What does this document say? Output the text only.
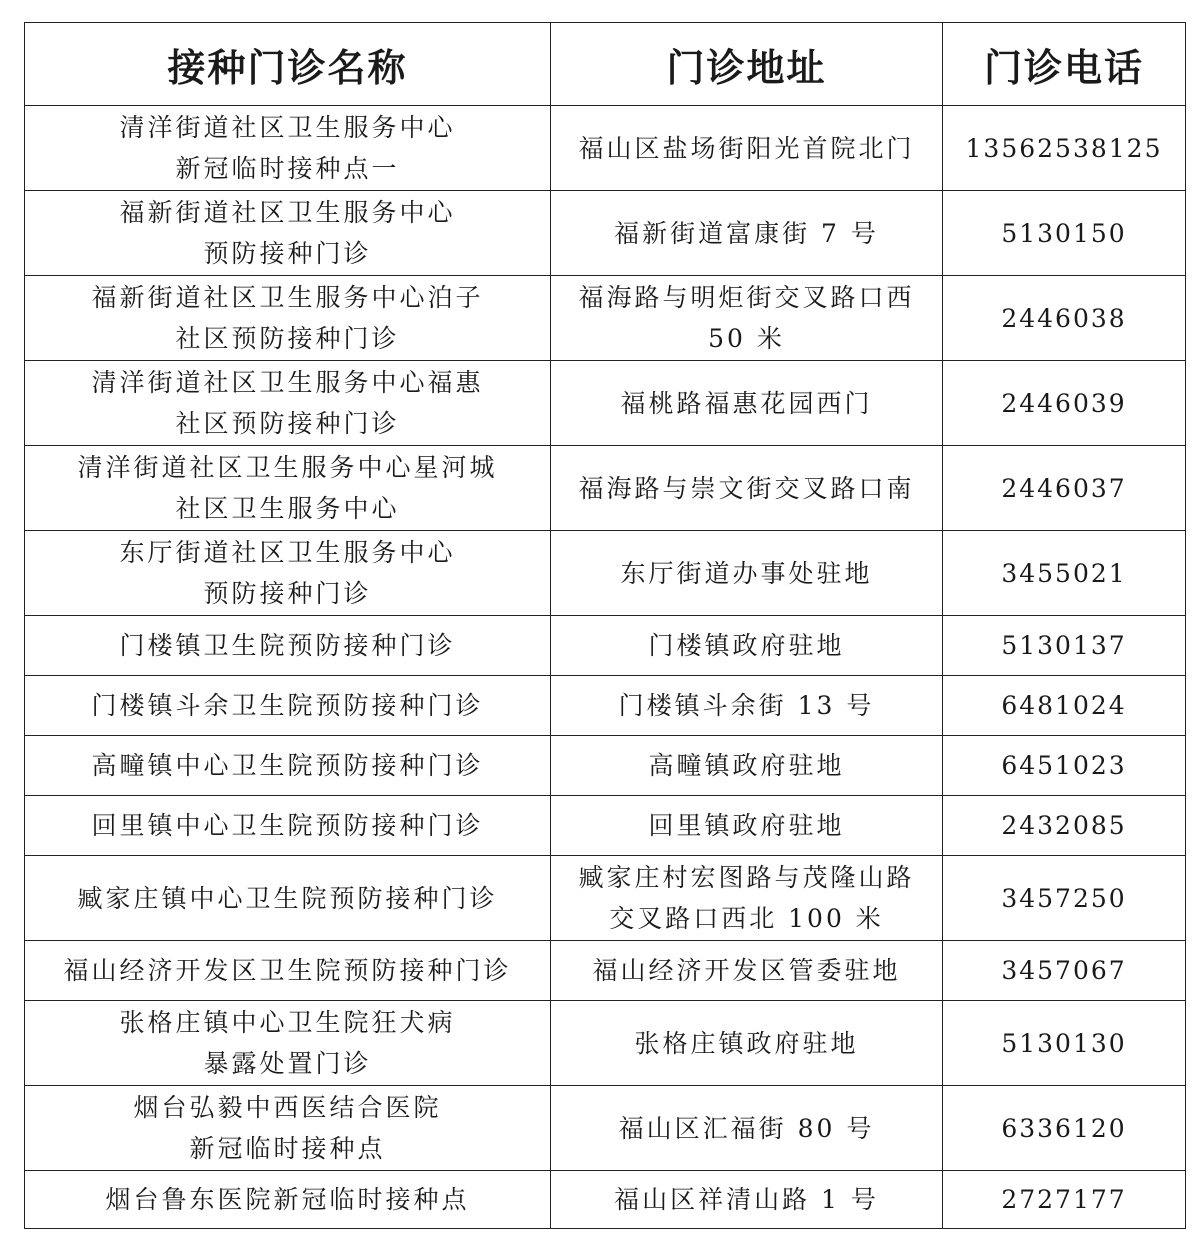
接种门诊名称	门诊地址	门诊电话

清洋街道社区卫生服务中心
新冠临时接种点一	福山区盐场街阳光首院北门	13562538125

福新街道社区卫生服务中心
预防接种门诊	福新街道富康街 7 号	5130150

福新街道社区卫生服务中心泊子
社区预防接种门诊	福海路与明炬街交叉路口西
50 米	2446038

清洋街道社区卫生服务中心福惠
社区预防接种门诊	福桃路福惠花园西门	2446039

清洋街道社区卫生服务中心星河城
社区卫生服务中心	福海路与崇文街交叉路口南	2446037

东厅街道社区卫生服务中心
预防接种门诊	东厅街道办事处驻地	3455021

门楼镇卫生院预防接种门诊	门楼镇政府驻地	5130137

门楼镇斗余卫生院预防接种门诊	门楼镇斗余街 13 号	6481024

高疃镇中心卫生院预防接种门诊	高疃镇政府驻地	6451023

回里镇中心卫生院预防接种门诊	回里镇政府驻地	2432085

臧家庄镇中心卫生院预防接种门诊	臧家庄村宏图路与茂隆山路
交叉路口西北 100 米	3457250

福山经济开发区卫生院预防接种门诊	福山经济开发区管委驻地	3457067

张格庄镇中心卫生院狂犬病
暴露处置门诊	张格庄镇政府驻地	5130130

烟台弘毅中西医结合医院
新冠临时接种点	福山区汇福街 80 号	6336120

烟台鲁东医院新冠临时接种点	福山区祥清山路 1 号	2727177
